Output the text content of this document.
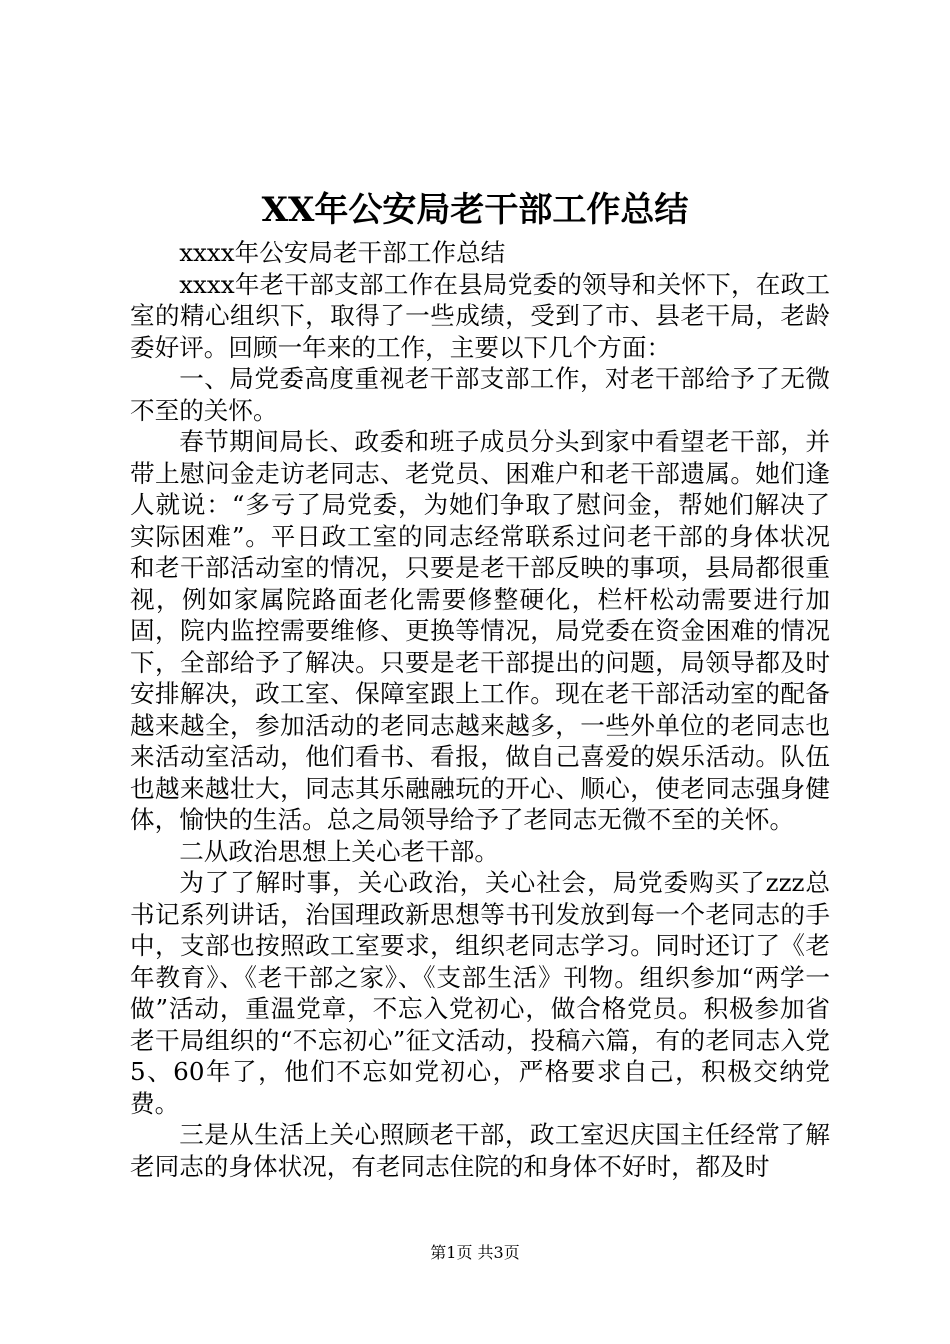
XX年公安局老干部工作总结

xxxx年公安局老干部工作总结

xxxx年老干部支部工作在县局党委的领导和关怀下，在政工室的精心组织下，取得了一些成绩，受到了市、县老干局，老龄委好评。回顾一年来的工作，主要以下几个方面：

一、局党委高度重视老干部支部工作，对老干部给予了无微不至的关怀。

春节期间局长、政委和班子成员分头到家中看望老干部，并带上慰问金走访老同志、老党员、困难户和老干部遗属。她们逢人就说：“多亏了局党委，为她们争取了慰问金，帮她们解决了实际困难”。平日政工室的同志经常联系过问老干部的身体状况和老干部活动室的情况，只要是老干部反映的事项，县局都很重视，例如家属院路面老化需要修整硬化，栏杆松动需要进行加固，院内监控需要维修、更换等情况，局党委在资金困难的情况下，全部给予了解决。只要是老干部提出的问题，局领导都及时安排解决，政工室、保障室跟上工作。现在老干部活动室的配备越来越全，参加活动的老同志越来越多，一些外单位的老同志也来活动室活动，他们看书、看报，做自己喜爱的娱乐活动。队伍也越来越壮大，同志其乐融融玩的开心、顺心，使老同志强身健体，愉快的生活。总之局领导给予了老同志无微不至的关怀。

二从政治思想上关心老干部。

为了了解时事，关心政治，关心社会，局党委购买了zzz总书记系列讲话，治国理政新思想等书刊发放到每一个老同志的手中，支部也按照政工室要求，组织老同志学习。同时还订了《老年教育》、《老干部之家》、《支部生活》刊物。组织参加“两学一做”活动，重温党章，不忘入党初心，做合格党员。积极参加省老干局组织的“不忘初心”征文活动，投稿六篇，有的老同志入党5、60年了，他们不忘如党初心，严格要求自己，积极交纳党费。

三是从生活上关心照顾老干部，政工室迟庆国主任经常了解老同志的身体状况，有老同志住院的和身体不好时，都及时

第1页 共3页
